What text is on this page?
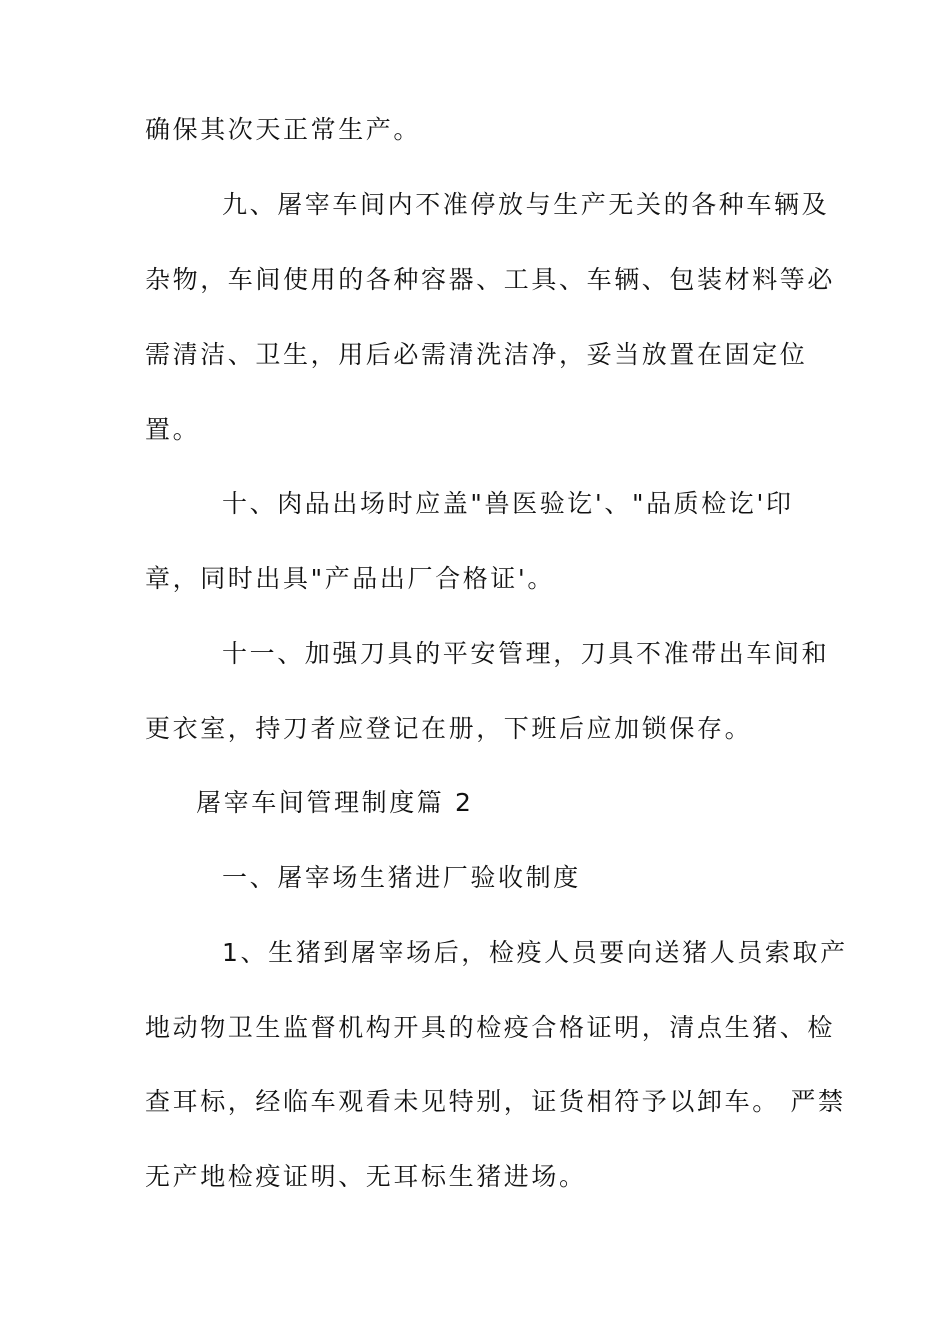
确保其次天正常生产。

九、屠宰车间内不准停放与生产无关的各种车辆及

杂物，车间使用的各种容器、工具、车辆、包装材料等必

需清洁、卫生，用后必需清洗洁净，妥当放置在固定位

置。

十、肉品出场时应盖"兽医验讫'、"品质检讫'印

章，同时出具"产品出厂合格证'。

十一、加强刀具的平安管理，刀具不准带出车间和

更衣室，持刀者应登记在册，下班后应加锁保存。

屠宰车间管理制度篇 2

一、屠宰场生猪进厂验收制度

1、生猪到屠宰场后，检疫人员要向送猪人员索取产

地动物卫生监督机构开具的检疫合格证明，清点生猪、检

查耳标，经临车观看未见特别，证货相符予以卸车。 严禁

无产地检疫证明、无耳标生猪进场。
